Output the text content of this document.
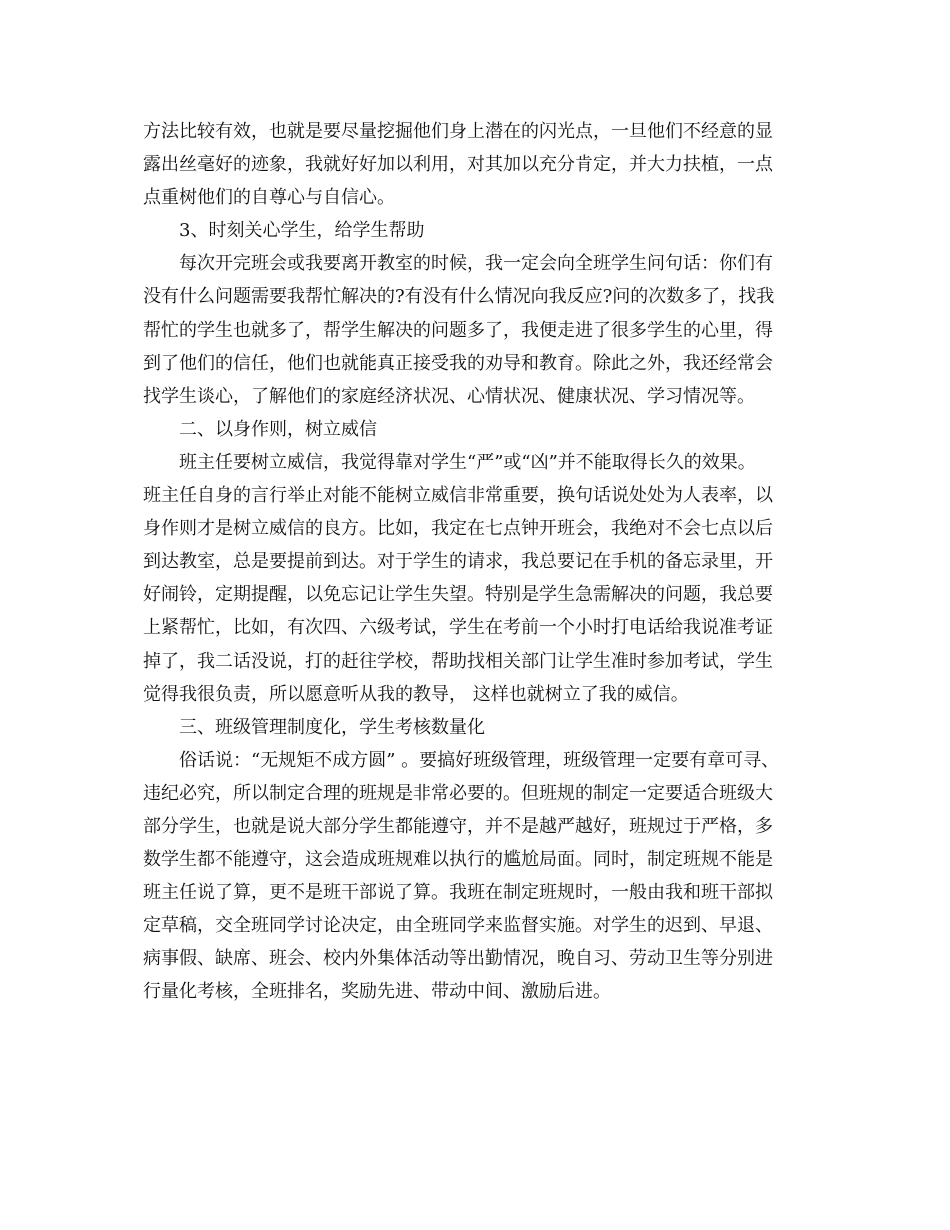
方法比较有效，也就是要尽量挖掘他们身上潜在的闪光点，一旦他们不经意的显
露出丝毫好的迹象，我就好好加以利用，对其加以充分肯定，并大力扶植，一点
点重树他们的自尊心与自信心。
3、时刻关心学生，给学生帮助
每次开完班会或我要离开教室的时候，我一定会向全班学生问句话：你们有
没有什么问题需要我帮忙解决的?有没有什么情况向我反应?问的次数多了，找我
帮忙的学生也就多了，帮学生解决的问题多了，我便走进了很多学生的心里，得
到了他们的信任，他们也就能真正接受我的劝导和教育。除此之外，我还经常会
找学生谈心，了解他们的家庭经济状况、心情状况、健康状况、学习情况等。
二、以身作则，树立威信
班主任要树立威信，我觉得靠对学生“严”或“凶”并不能取得长久的效果。
班主任自身的言行举止对能不能树立威信非常重要，换句话说处处为人表率，以
身作则才是树立威信的良方。比如，我定在七点钟开班会，我绝对不会七点以后
到达教室，总是要提前到达。对于学生的请求，我总要记在手机的备忘录里，开
好闹铃，定期提醒，以免忘记让学生失望。特别是学生急需解决的问题，我总要
上紧帮忙，比如，有次四、六级考试，学生在考前一个小时打电话给我说准考证
掉了，我二话没说，打的赶往学校，帮助找相关部门让学生准时参加考试，学生
觉得我很负责，所以愿意听从我的教导， 这样也就树立了我的威信。
三、班级管理制度化，学生考核数量化
俗话说：“无规矩不成方圆” 。要搞好班级管理，班级管理一定要有章可寻、
违纪必究，所以制定合理的班规是非常必要的。但班规的制定一定要适合班级大
部分学生，也就是说大部分学生都能遵守，并不是越严越好，班规过于严格，多
数学生都不能遵守，这会造成班规难以执行的尴尬局面。同时，制定班规不能是
班主任说了算，更不是班干部说了算。我班在制定班规时，一般由我和班干部拟
定草稿，交全班同学讨论决定，由全班同学来监督实施。对学生的迟到、早退、
病事假、缺席、班会、校内外集体活动等出勤情况，晚自习、劳动卫生等分别进
行量化考核，全班排名，奖励先进、带动中间、激励后进。
